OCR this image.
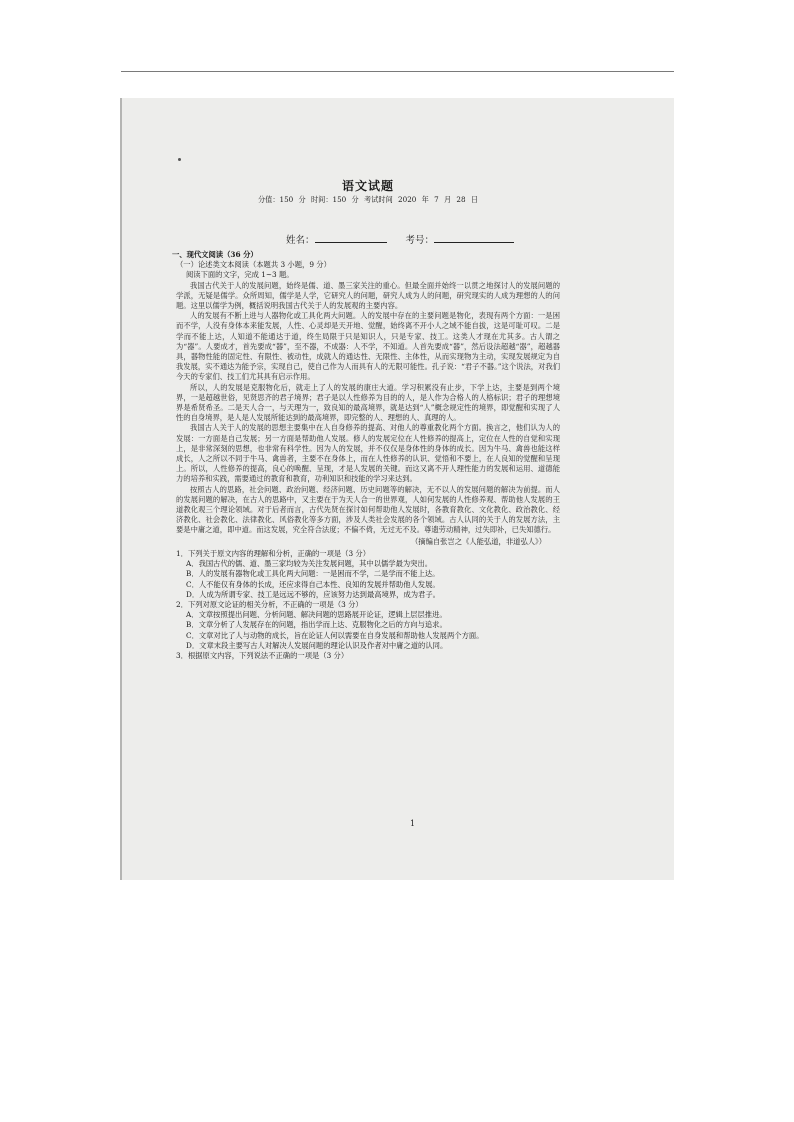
语文试题

分值：150 分 时间：150 分 考试时间 2020 年 7 月 28 日

姓名：	考号：

一、现代文阅读（36 分）

（一）论述类文本阅读（本题共 3 小题，9 分）

阅读下面的文字，完成 1~3 题。

我国古代关于人的发展问题，始终是儒、道、墨三家关注的重心。但最全面并始终一以贯之地探讨人的发展问题的学派，无疑是儒学。众所周知，儒学是人学，它研究人的问题，研究人成为人的问题，研究现实的人成为理想的人的问题。这里以儒学为例，概括说明我国古代关于人的发展观的主要内容。

人的发展有不断上进与人器物化或工具化两大问题。人的发展中存在的主要问题是物化，表现有两个方面：一是困而不学，人没有身体本来能发展，人性、心灵却是天开地、觉醒，始终离不开小人之域不能自拔，这是可耻可叹。二是学而不能上达，人知道不能通达于道，终生局限于只是知识人，只是专家、技工。这类人才现在尤其多。古人谓之为“器”。人要成才，首先要成“器”，至不器，不成器：人不学，不知道。人首先要成“器”，然后设法超越“器”，超越器具，器物性能的固定性、有限性、被动性，成就人的通达性、无限性、主体性，从而实现物为主动，实现发展规定为自我发展，实不通达为能予宗，实现自己，使自己作为人而具有人的无限可能性。孔子说：“君子不器。”这个说法，对我们今天的专家们、技工们尤其具有启示作用。

所以，人的发展是克服物化后，就走上了人的发展的康庄大道。学习积累没有止步，下学上达，主要是到两个境界，一是超越世俗，见贤思齐的君子境界；君子是以人性修养为目的的人，是人作为合格人的人格标识；君子的理想境界是希贤希圣。二是天人合一，与天理为一，致良知的最高境界，就是达到“人”概念规定性的境界，即觉醒和实现了人性的自身境界，是人是人发展所能达到的最高境界，即完整的人、理想的人、真理的人。

我国古人关于人的发展的思想主要集中在人自身修养的提高、对他人的尊重教化两个方面。换言之，他们认为人的发展：一方面是自己发展；另一方面是帮助他人发展。修人的发展定位在人性修养的提高上，定位在人性的自觉和实现上，是非常深刻的思想，也非常有科学性。因为人的发展，并不仅仅是身体性的身体的成长。因为牛马、禽兽也能这样成长，人之所以不同于牛马、禽兽者，主要不在身体上，而在人性修养的认识、觉悟和不要上，在人良知的觉醒和呈现上。所以，人性修养的提高，良心的唤醒、呈现，才是人发展的关键。而这又离不开人理性能力的发展和运用、道德能力的培养和实践，需要通过的教育和教育，功利知识和技能的学习来达到。

按照古人的思路，社会问题、政治问题、经济问题、历史问题等的解决，无不以人的发展问题的解决为前提。而人的发展问题的解决，在古人的思路中，又主要在于为天人合一的世界观，人如何发展的人性修养观、帮助他人发展的王道教化观三个理论领域。对于后者而言，古代先贤在探讨如何帮助他人发展时，各教育教化、文化教化、政治教化、经济教化、社会教化、法律教化、风俗教化等多方面，涉及人类社会发展的各个领域。古人认同的关于人的发展方法，主要是中庸之道，即中道。而这发展，究全符合法度；不偏不倚，无过无不及。尊遗劳动精神，过失即补，已失知德行。

（摘编自张岂之《人能弘道，非道弘人》）

1．下列关于原文内容的理解和分析，正确的一项是（3 分）

A．我国古代的儒、道、墨三家均较为关注发展问题，其中以儒学最为突出。

B．人的发展有器物化或工具化两大问题：一是困而不学，二是学而不能上达。

C．人不能仅有身体的长成，还应求得自己本性、良知的发展并帮助他人发展。

D．人成为所谓专家、技工是远远不够的，应该努力达到最高境界，成为君子。

2．下列对原文论证的相关分析，不正确的一项是（3 分）

A．文章按照提出问题、分析问题、解决问题的思路展开论证，逻辑上层层推进。

B．文章分析了人发展存在的问题，指出学而上达、克服物化之后的方向与追求。

C．文章对比了人与动物的成长，旨在论证人何以需要在自身发展和帮助他人发展两个方面。

D．文章末段主要写古人对解决人发展问题的理论认识及作者对中庸之道的认同。

3．根据原文内容，下列说法不正确的一项是（3 分）

1
